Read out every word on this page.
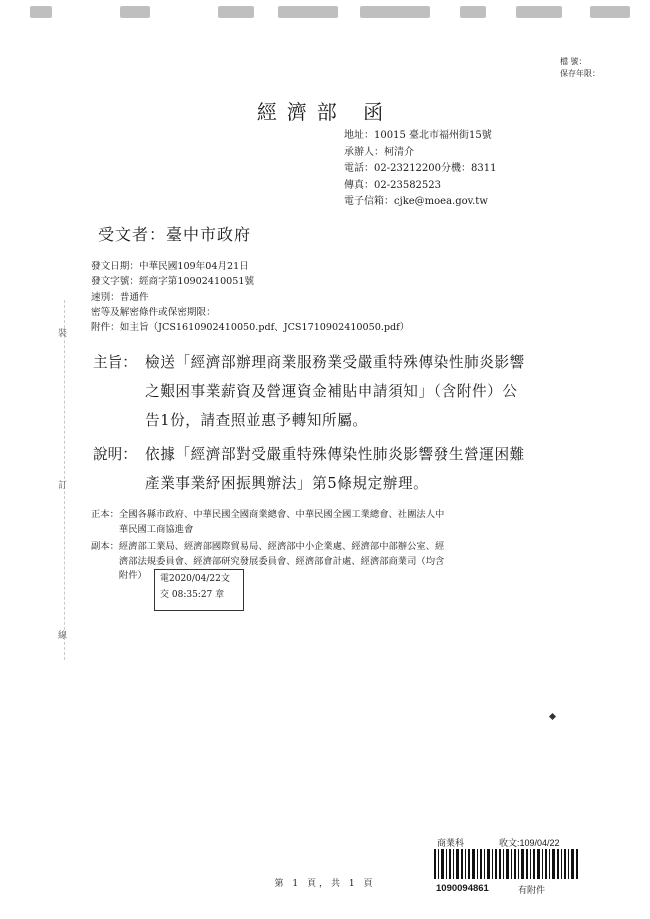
檔 號：
保存年限：
經濟部 函
地址：10015 臺北市福州街15號
承辦人：柯清介
電話：02-23212200分機：8311
傳真：02-23582523
電子信箱：cjke@moea.gov.tw
受文者：臺中市政府
發文日期：中華民國109年04月21日
發文字號：經商字第10902410051號
速別：普通件
密等及解密條件或保密期限：
附件：如主旨（JCS1610902410050.pdf、JCS1710902410050.pdf）
主旨： 檢送「經濟部辦理商業服務業受嚴重特殊傳染性肺炎影響
之艱困事業薪資及營運資金補貼申請須知」（含附件）公
告1份，請查照並惠予轉知所屬。
說明： 依據「經濟部對受嚴重特殊傳染性肺炎影響發生營運困難
產業事業紓困振興辦法」第5條規定辦理。
正本：全國各縣市政府、中華民國全國商業總會、中華民國全國工業總會、社團法人中
　　　華民國工商協進會
副本：經濟部工業局、經濟部國際貿易局、經濟部中小企業處、經濟部中部辦公室、經
　　　濟部法規委員會、經濟部研究發展委員會、經濟部會計處、經濟部商業司（均含
　　　附件）	電2020/04/22文
交 08:35:27 章
裝
訂
線
第 1 頁，共 1 頁
商業科	收文:109/04/22
1090094861	有附件
